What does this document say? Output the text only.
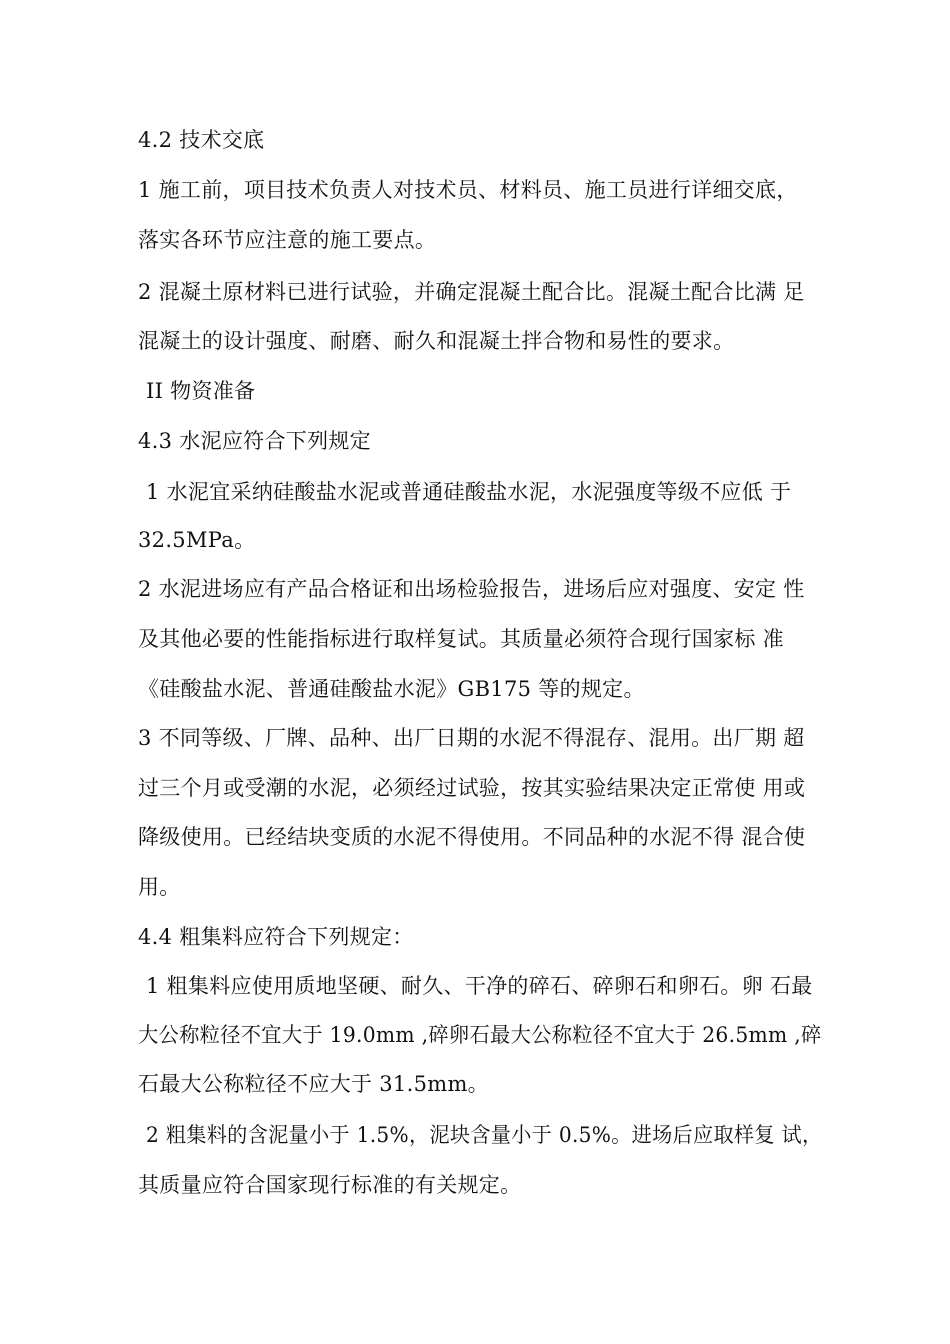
4.2 技术交底
1 施工前，项目技术负责人对技术员、材料员、施工员进行详细交底，
落实各环节应注意的施工要点。
2 混凝土原材料已进行试验，并确定混凝土配合比。混凝土配合比满 足
混凝土的设计强度、耐磨、耐久和混凝土拌合物和易性的要求。
II 物资准备
4.3 水泥应符合下列规定
1 水泥宜采纳硅酸盐水泥或普通硅酸盐水泥，水泥强度等级不应低 于
32.5MPa。
2 水泥进场应有产品合格证和出场检验报告，进场后应对强度、安定 性
及其他必要的性能指标进行取样复试。其质量必须符合现行国家标 准
《硅酸盐水泥、普通硅酸盐水泥》GB175 等的规定。
3 不同等级、厂牌、品种、出厂日期的水泥不得混存、混用。出厂期 超
过三个月或受潮的水泥，必须经过试验，按其实验结果决定正常使 用或
降级使用。已经结块变质的水泥不得使用。不同品种的水泥不得 混合使
用。
4.4 粗集料应符合下列规定：
1 粗集料应使用质地坚硬、耐久、干净的碎石、碎卵石和卵石。卵 石最
大公称粒径不宜大于 19.0mm ,碎卵石最大公称粒径不宜大于 26.5mm ,碎
石最大公称粒径不应大于 31.5mm。
2 粗集料的含泥量小于 1.5%，泥块含量小于 0.5%。进场后应取样复 试，
其质量应符合国家现行标准的有关规定。
